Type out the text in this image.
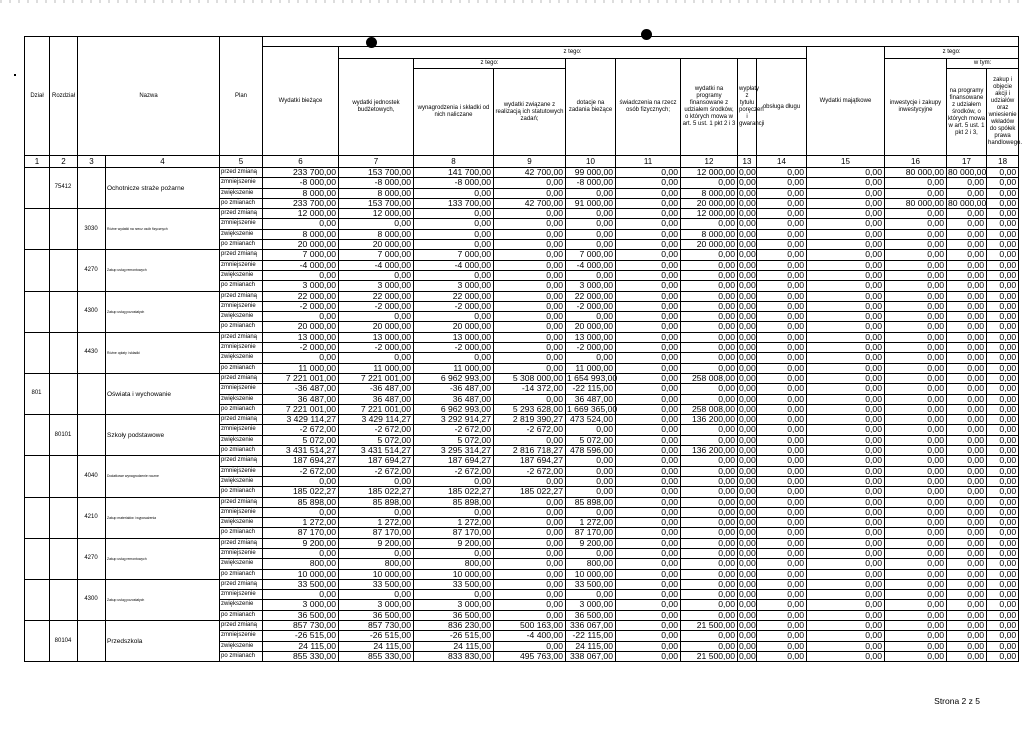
Dział	Rozdział	Nazwa		Plan														
					Wydatki bieżące	z tego:								Wydatki majątkowe	z tego:			
						wydatki jednostek budżetowych,	z tego:		dotacje na zadania bieżące	świadczenia na rzecz osób fizycznych;	wydatki na programy finansowane z udziałem środków, o których mowa w art. 5 ust. 1 pkt 2 i 3	wypłaty z tytułu poręczeń i gwarancji	obsługa długu		inwestycje i zakupy inwestycyjne	w tym:		
							wynagrodzenia i składki od nich naliczane	wydatki związane z realizacją ich statutowych zadań;								na programy finansowane z udziałem środków, o których mowa w art. 5 ust. 1 pkt 2 i 3,	zakup i objęcie akcji i udziałów oraz wniesienie wkładów do spółek prawa handlowego.	
1	2	3	4	5	6	7	8	9	10	11	12	13	14	15	16	17	18	
	75412		Ochotnicze straże pożarne	przed zmianą	233 700,00	153 700,00	141 700,00	42 700,00	99 000,00	0,00	12 000,00	0,00	0,00	0,00	80 000,00	80 000,00	0,00	
				zmniejszenie	-8 000,00	-8 000,00	-8 000,00	0,00	-8 000,00	0,00	0,00	0,00	0,00	0,00	0,00	0,00	0,00	
				zwiększenie	8 000,00	8 000,00	0,00	0,00	0,00	0,00	8 000,00	0,00	0,00	0,00	0,00	0,00	0,00	
				po zmianach	233 700,00	153 700,00	133 700,00	42 700,00	91 000,00	0,00	20 000,00	0,00	0,00	0,00	80 000,00	80 000,00	0,00	
		3030	Różne wydatki na rzecz osób fizycznych	przed zmianą	12 000,00	12 000,00	0,00	0,00	0,00	0,00	12 000,00	0,00	0,00	0,00	0,00	0,00	0,00	
				zmniejszenie	0,00	0,00	0,00	0,00	0,00	0,00	0,00	0,00	0,00	0,00	0,00	0,00	0,00	
				zwiększenie	8 000,00	8 000,00	0,00	0,00	0,00	0,00	8 000,00	0,00	0,00	0,00	0,00	0,00	0,00	
				po zmianach	20 000,00	20 000,00	0,00	0,00	0,00	0,00	20 000,00	0,00	0,00	0,00	0,00	0,00	0,00	
		4270	Zakup usług remontowych	przed zmianą	7 000,00	7 000,00	7 000,00	0,00	7 000,00	0,00	0,00	0,00	0,00	0,00	0,00	0,00	0,00	
				zmniejszenie	-4 000,00	-4 000,00	-4 000,00	0,00	-4 000,00	0,00	0,00	0,00	0,00	0,00	0,00	0,00	0,00	
				zwiększenie	0,00	0,00	0,00	0,00	0,00	0,00	0,00	0,00	0,00	0,00	0,00	0,00	0,00	
				po zmianach	3 000,00	3 000,00	3 000,00	0,00	3 000,00	0,00	0,00	0,00	0,00	0,00	0,00	0,00	0,00	
		4300	Zakup usług pozostałych	przed zmianą	22 000,00	22 000,00	22 000,00	0,00	22 000,00	0,00	0,00	0,00	0,00	0,00	0,00	0,00	0,00	
				zmniejszenie	-2 000,00	-2 000,00	-2 000,00	0,00	-2 000,00	0,00	0,00	0,00	0,00	0,00	0,00	0,00	0,00	
				zwiększenie	0,00	0,00	0,00	0,00	0,00	0,00	0,00	0,00	0,00	0,00	0,00	0,00	0,00	
				po zmianach	20 000,00	20 000,00	20 000,00	0,00	20 000,00	0,00	0,00	0,00	0,00	0,00	0,00	0,00	0,00	
		4430	Różne opłaty i składki	przed zmianą	13 000,00	13 000,00	13 000,00	0,00	13 000,00	0,00	0,00	0,00	0,00	0,00	0,00	0,00	0,00	
				zmniejszenie	-2 000,00	-2 000,00	-2 000,00	0,00	-2 000,00	0,00	0,00	0,00	0,00	0,00	0,00	0,00	0,00	
				zwiększenie	0,00	0,00	0,00	0,00	0,00	0,00	0,00	0,00	0,00	0,00	0,00	0,00	0,00	
				po zmianach	11 000,00	11 000,00	11 000,00	0,00	11 000,00	0,00	0,00	0,00	0,00	0,00	0,00	0,00	0,00	
801			Oświata i wychowanie	przed zmianą	7 221 001,00	7 221 001,00	6 962 993,00	5 308 000,00	1 654 993,00	0,00	258 008,00	0,00	0,00	0,00	0,00	0,00	0,00	
				zmniejszenie	-36 487,00	-36 487,00	-36 487,00	-14 372,00	-22 115,00	0,00	0,00	0,00	0,00	0,00	0,00	0,00	0,00	
				zwiększenie	36 487,00	36 487,00	36 487,00	0,00	36 487,00	0,00	0,00	0,00	0,00	0,00	0,00	0,00	0,00	
				po zmianach	7 221 001,00	7 221 001,00	6 962 993,00	5 293 628,00	1 669 365,00	0,00	258 008,00	0,00	0,00	0,00	0,00	0,00	0,00	
	80101		Szkoły podstawowe	przed zmianą	3 429 114,27	3 429 114,27	3 292 914,27	2 819 390,27	473 524,00	0,00	136 200,00	0,00	0,00	0,00	0,00	0,00	0,00	
				zmniejszenie	-2 672,00	-2 672,00	-2 672,00	-2 672,00	0,00	0,00	0,00	0,00	0,00	0,00	0,00	0,00	0,00	
				zwiększenie	5 072,00	5 072,00	5 072,00	0,00	5 072,00	0,00	0,00	0,00	0,00	0,00	0,00	0,00	0,00	
				po zmianach	3 431 514,27	3 431 514,27	3 295 314,27	2 816 718,27	478 596,00	0,00	136 200,00	0,00	0,00	0,00	0,00	0,00	0,00	
		4040	Dodatkowe wynagrodzenie roczne	przed zmianą	187 694,27	187 694,27	187 694,27	187 694,27	0,00	0,00	0,00	0,00	0,00	0,00	0,00	0,00	0,00	
				zmniejszenie	-2 672,00	-2 672,00	-2 672,00	-2 672,00	0,00	0,00	0,00	0,00	0,00	0,00	0,00	0,00	0,00	
				zwiększenie	0,00	0,00	0,00	0,00	0,00	0,00	0,00	0,00	0,00	0,00	0,00	0,00	0,00	
				po zmianach	185 022,27	185 022,27	185 022,27	185 022,27	0,00	0,00	0,00	0,00	0,00	0,00	0,00	0,00	0,00	
		4210	Zakup materiałów i wyposażenia	przed zmianą	85 898,00	85 898,00	85 898,00	0,00	85 898,00	0,00	0,00	0,00	0,00	0,00	0,00	0,00	0,00	
				zmniejszenie	0,00	0,00	0,00	0,00	0,00	0,00	0,00	0,00	0,00	0,00	0,00	0,00	0,00	
				zwiększenie	1 272,00	1 272,00	1 272,00	0,00	1 272,00	0,00	0,00	0,00	0,00	0,00	0,00	0,00	0,00	
				po zmianach	87 170,00	87 170,00	87 170,00	0,00	87 170,00	0,00	0,00	0,00	0,00	0,00	0,00	0,00	0,00	
		4270	Zakup usług remontowych	przed zmianą	9 200,00	9 200,00	9 200,00	0,00	9 200,00	0,00	0,00	0,00	0,00	0,00	0,00	0,00	0,00	
				zmniejszenie	0,00	0,00	0,00	0,00	0,00	0,00	0,00	0,00	0,00	0,00	0,00	0,00	0,00	
				zwiększenie	800,00	800,00	800,00	0,00	800,00	0,00	0,00	0,00	0,00	0,00	0,00	0,00	0,00	
				po zmianach	10 000,00	10 000,00	10 000,00	0,00	10 000,00	0,00	0,00	0,00	0,00	0,00	0,00	0,00	0,00	
		4300	Zakup usług pozostałych	przed zmianą	33 500,00	33 500,00	33 500,00	0,00	33 500,00	0,00	0,00	0,00	0,00	0,00	0,00	0,00	0,00	
				zmniejszenie	0,00	0,00	0,00	0,00	0,00	0,00	0,00	0,00	0,00	0,00	0,00	0,00	0,00	
				zwiększenie	3 000,00	3 000,00	3 000,00	0,00	3 000,00	0,00	0,00	0,00	0,00	0,00	0,00	0,00	0,00	
				po zmianach	36 500,00	36 500,00	36 500,00	0,00	36 500,00	0,00	0,00	0,00	0,00	0,00	0,00	0,00	0,00	
	80104		Przedszkola	przed zmianą	857 730,00	857 730,00	836 230,00	500 163,00	336 067,00	0,00	21 500,00	0,00	0,00	0,00	0,00	0,00	0,00	
				zmniejszenie	-26 515,00	-26 515,00	-26 515,00	-4 400,00	-22 115,00	0,00	0,00	0,00	0,00	0,00	0,00	0,00	0,00	
				zwiększenie	24 115,00	24 115,00	24 115,00	0,00	24 115,00	0,00	0,00	0,00	0,00	0,00	0,00	0,00	0,00	
				po zmianach	855 330,00	855 330,00	833 830,00	495 763,00	338 067,00	0,00	21 500,00	0,00	0,00	0,00	0,00	0,00	0,00	
Strona 2 z 5
